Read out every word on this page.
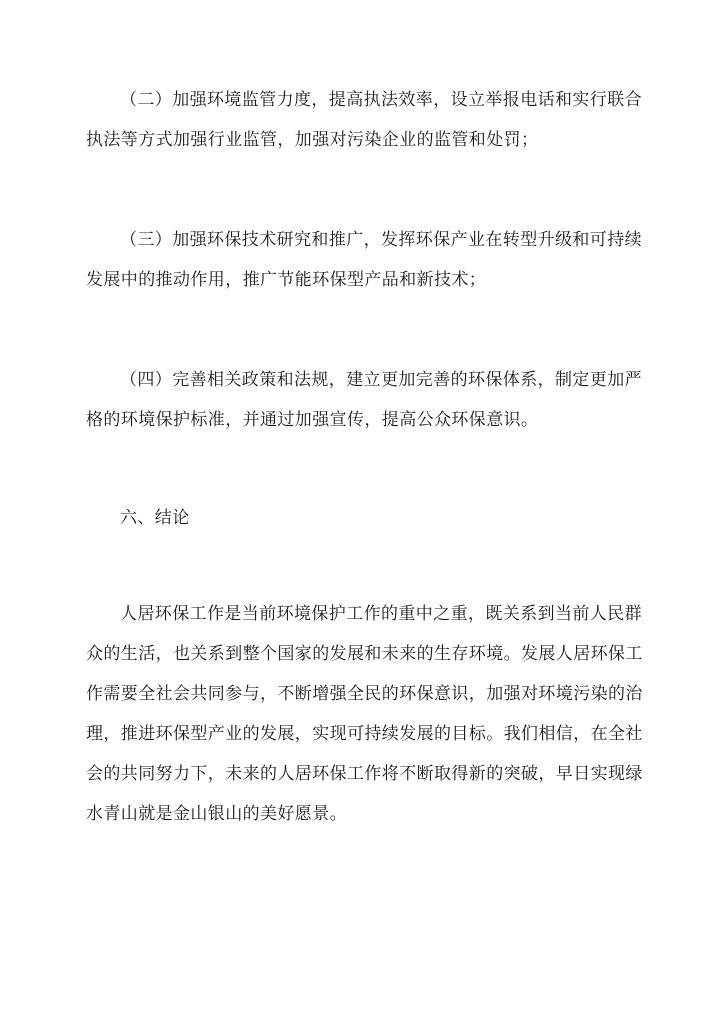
（二）加强环境监管力度，提高执法效率，设立举报电话和实行联合
执法等方式加强行业监管，加强对污染企业的监管和处罚；

（三）加强环保技术研究和推广，发挥环保产业在转型升级和可持续
发展中的推动作用，推广节能环保型产品和新技术；

（四）完善相关政策和法规，建立更加完善的环保体系，制定更加严
格的环境保护标准，并通过加强宣传，提高公众环保意识。

六、结论

人居环保工作是当前环境保护工作的重中之重，既关系到当前人民群
众的生活，也关系到整个国家的发展和未来的生存环境。发展人居环保工
作需要全社会共同参与，不断增强全民的环保意识，加强对环境污染的治
理，推进环保型产业的发展，实现可持续发展的目标。我们相信，在全社
会的共同努力下，未来的人居环保工作将不断取得新的突破，早日实现绿
水青山就是金山银山的美好愿景。
